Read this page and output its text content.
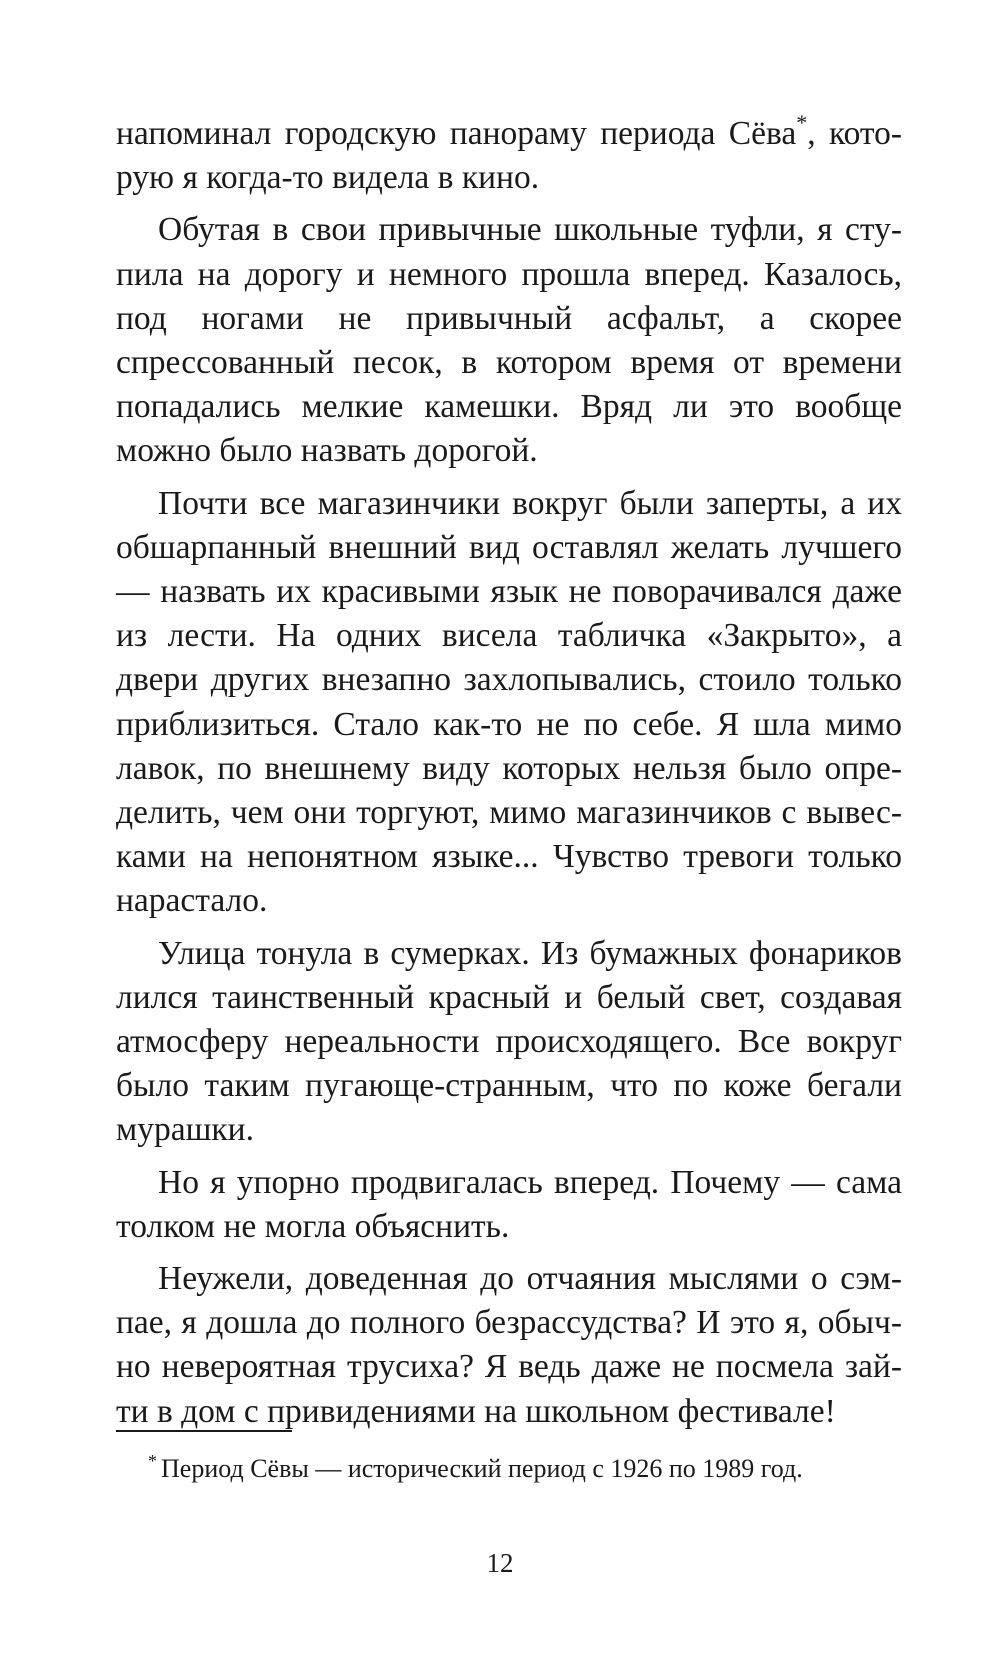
напоминал городскую панораму периода Сёва*, которую я когда-то видела в кино.

Обутая в свои привычные школьные туфли, я ступила на дорогу и немного прошла вперед. Казалось, под ногами не привычный асфальт, а скорее спрессованный песок, в котором время от времени попадались мелкие камешки. Вряд ли это вообще можно было назвать дорогой.

Почти все магазинчики вокруг были заперты, а их обшарпанный внешний вид оставлял желать лучшего — назвать их красивыми язык не поворачивался даже из лести. На одних висела табличка «Закрыто», а двери других внезапно захлопывались, стоило только приблизиться. Стало как-то не по себе. Я шла мимо лавок, по внешнему виду которых нельзя было определить, чем они торгуют, мимо магазинчиков с вывесками на непонятном языке... Чувство тревоги только нарастало.

Улица тонула в сумерках. Из бумажных фонариков лился таинственный красный и белый свет, создавая атмосферу нереальности происходящего. Все вокруг было таким пугающе-странным, что по коже бегали мурашки.

Но я упорно продвигалась вперед. Почему — сама толком не могла объяснить.

Неужели, доведенная до отчаяния мыслями о сэмпае, я дошла до полного безрассудства? И это я, обычно невероятная трусиха? Я ведь даже не посмела зайти в дом с привидениями на школьном фестивале!

* Период Сёвы — исторический период с 1926 по 1989 год.
12
